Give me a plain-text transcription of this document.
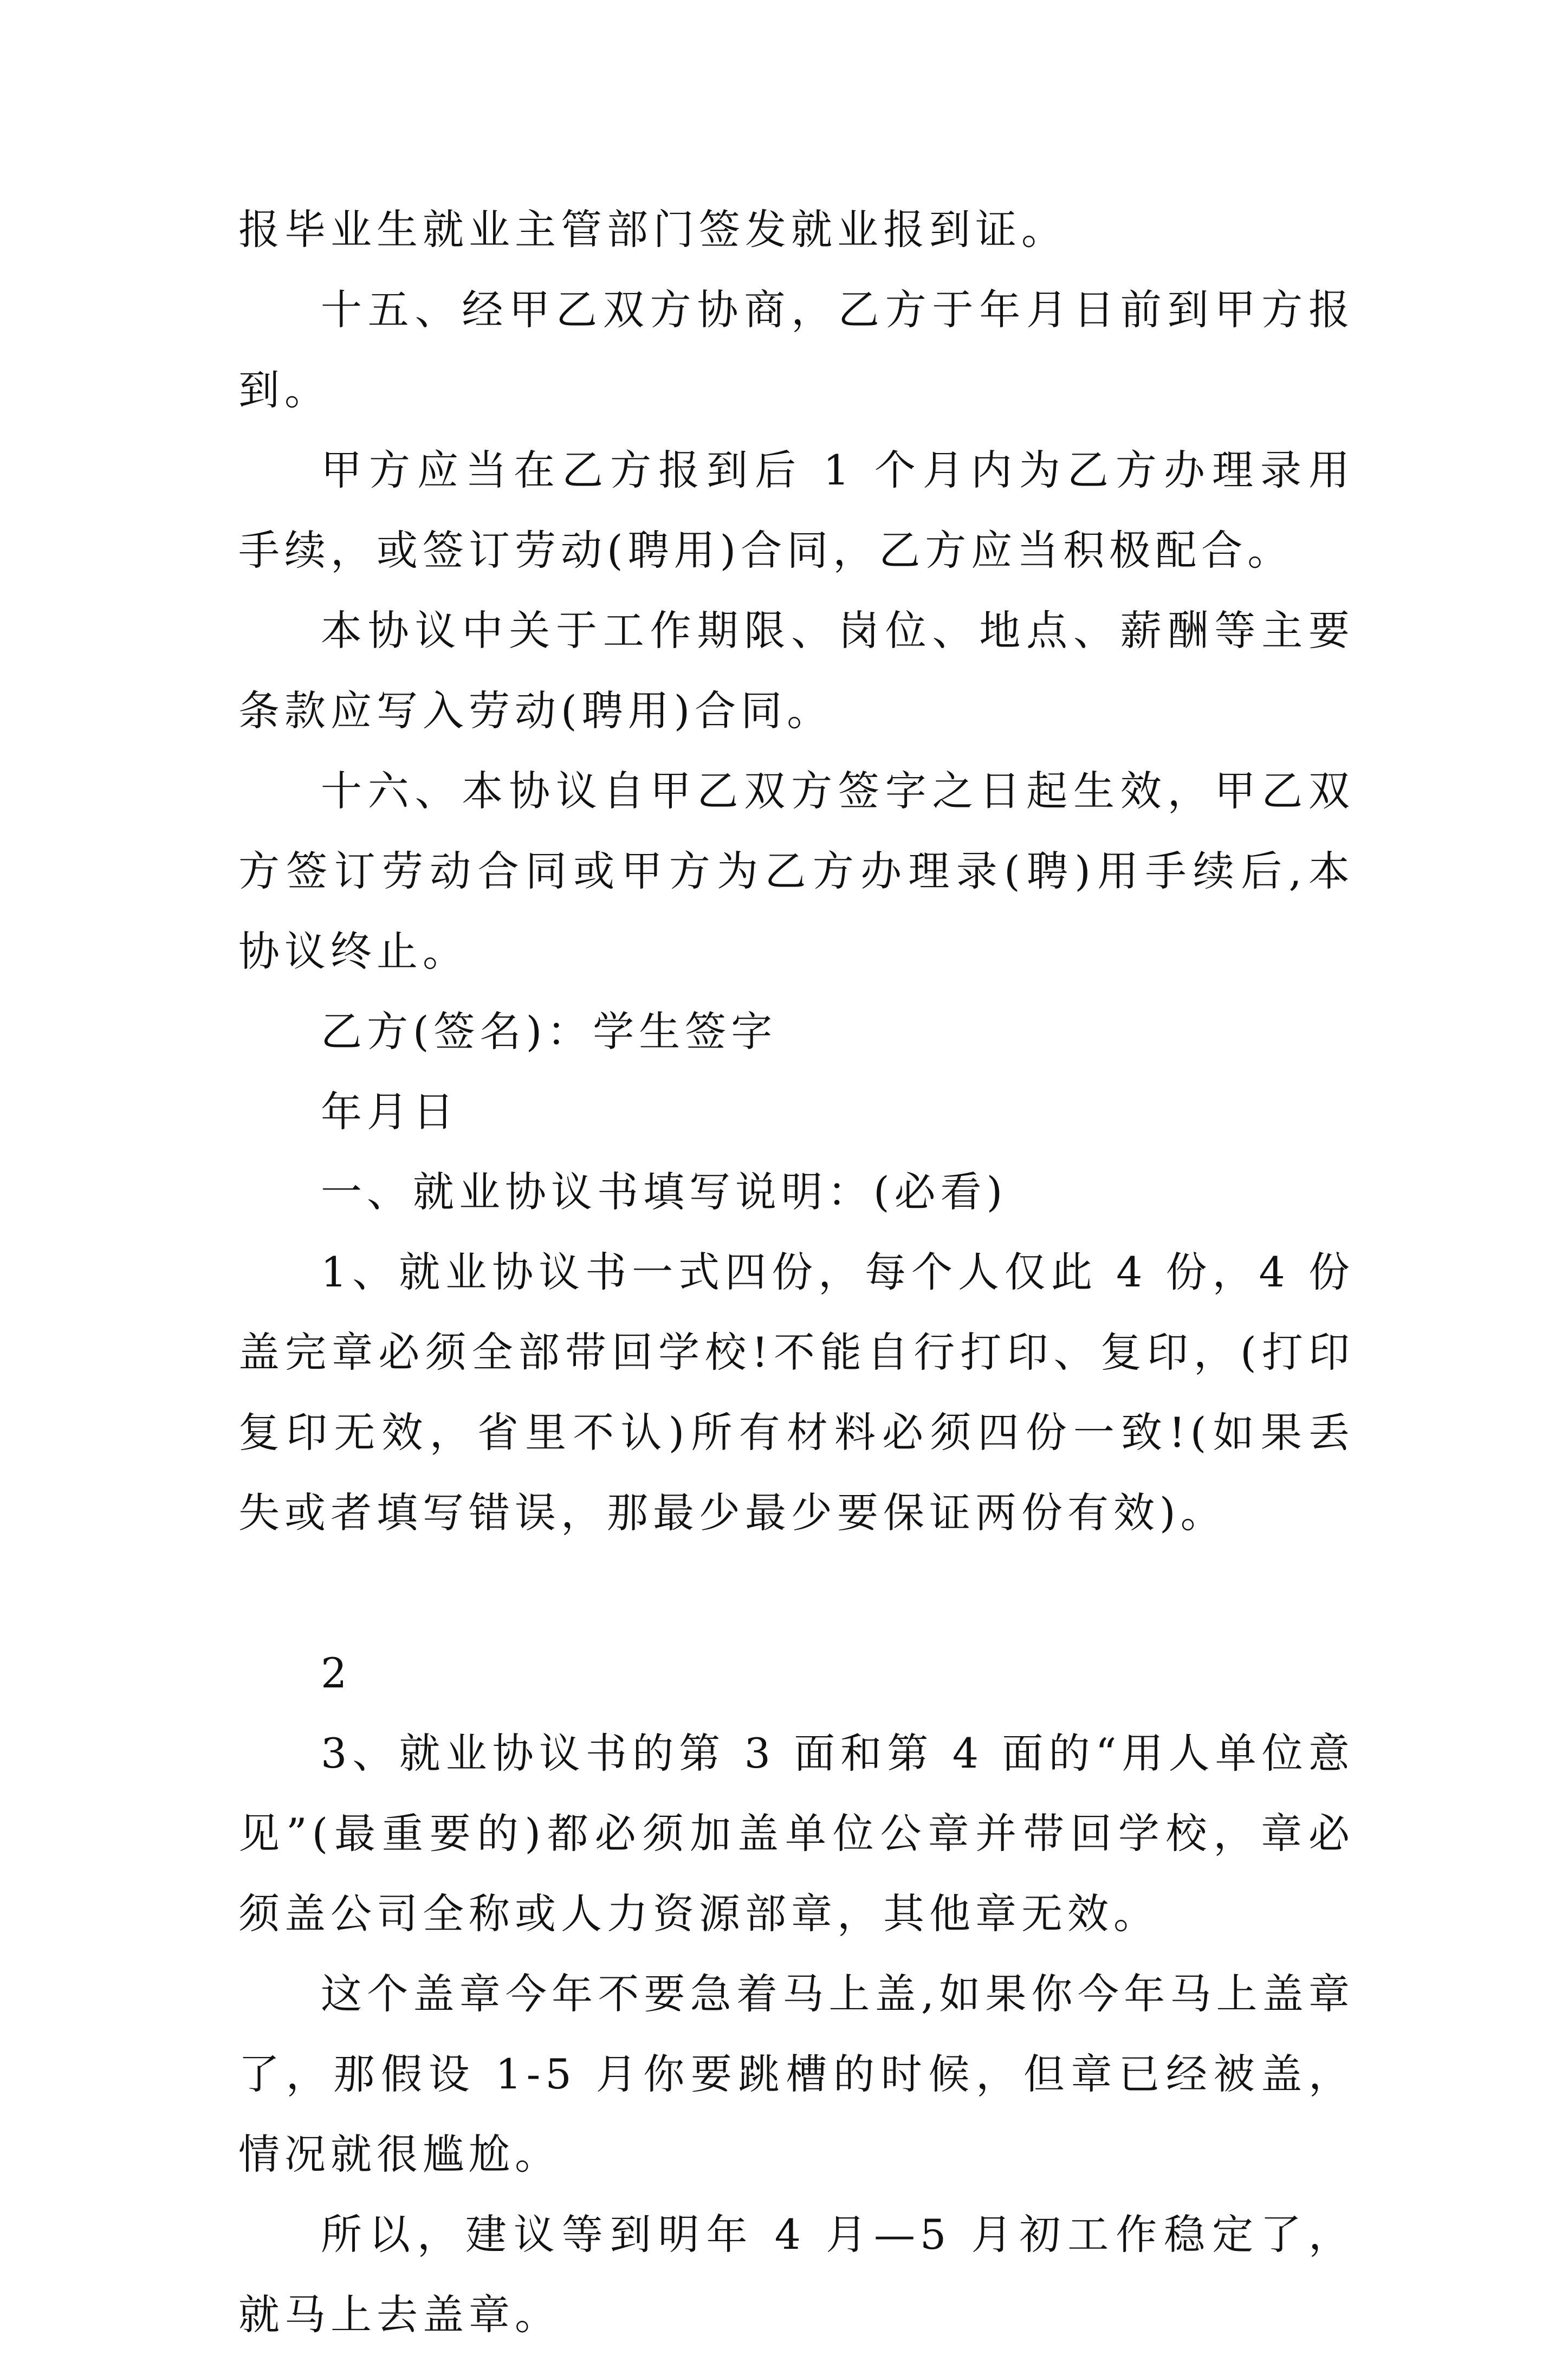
报毕业生就业主管部门签发就业报到证。

十五、经甲乙双方协商，乙方于年月日前到甲方报到。

甲方应当在乙方报到后 1 个月内为乙方办理录用手续，或签订劳动(聘用)合同，乙方应当积极配合。

本协议中关于工作期限、岗位、地点、薪酬等主要条款应写入劳动(聘用)合同。

十六、本协议自甲乙双方签字之日起生效，甲乙双方签订劳动合同或甲方为乙方办理录(聘)用手续后,本协议终止。

乙方(签名)：学生签字

年月日

一、就业协议书填写说明：(必看)

1、就业协议书一式四份，每个人仅此 4 份，4 份盖完章必须全部带回学校!不能自行打印、复印，(打印复印无效，省里不认)所有材料必须四份一致!(如果丢失或者填写错误，那最少最少要保证两份有效)。

2

3、就业协议书的第 3 面和第 4 面的“用人单位意见”(最重要的)都必须加盖单位公章并带回学校，章必须盖公司全称或人力资源部章，其他章无效。

这个盖章今年不要急着马上盖,如果你今年马上盖章了，那假设 1-5 月你要跳槽的时候，但章已经被盖，情况就很尴尬。

所以，建议等到明年 4 月—5 月初工作稳定了，就马上去盖章。
